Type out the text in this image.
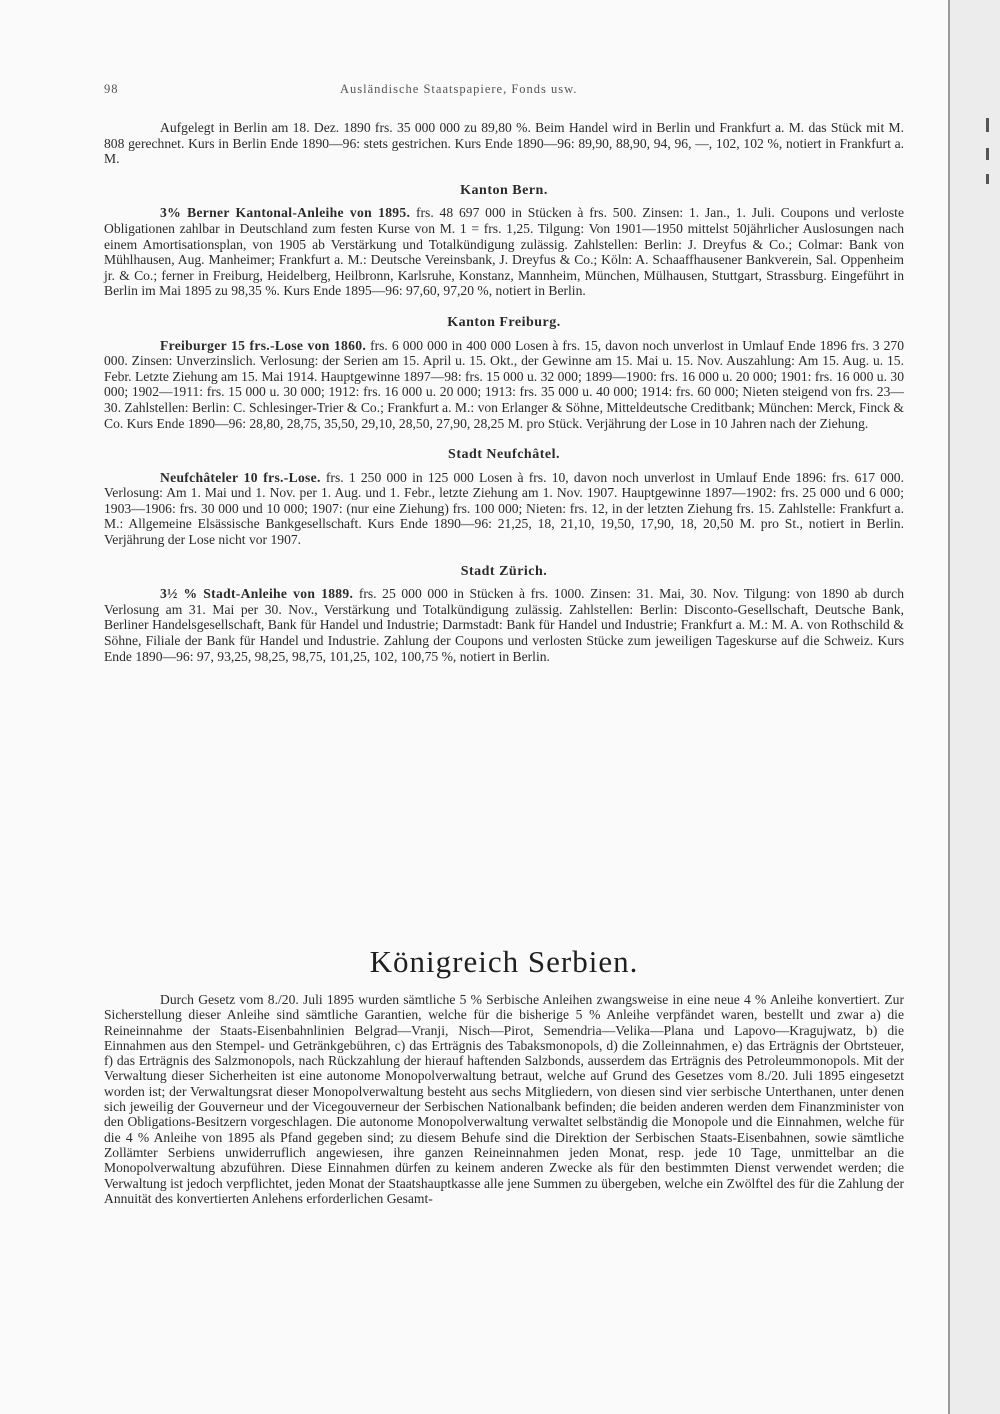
98	Ausländische Staatspapiere, Fonds usw.

Aufgelegt in Berlin am 18. Dez. 1890 frs. 35 000 000 zu 89,80 %. Beim Handel wird in Berlin und Frankfurt a. M. das Stück mit M. 808 gerechnet. Kurs in Berlin Ende 1890—96: stets gestrichen. Kurs Ende 1890—96: 89,90, 88,90, 94, 96, —, 102, 102 %, notiert in Frankfurt a. M.

Kanton Bern.

3% Berner Kantonal-Anleihe von 1895. frs. 48 697 000 in Stücken à frs. 500. Zinsen: 1. Jan., 1. Juli. Coupons und verloste Obligationen zahlbar in Deutschland zum festen Kurse von M. 1 = frs. 1,25. Tilgung: Von 1901—1950 mittelst 50jährlicher Auslosungen nach einem Amortisationsplan, von 1905 ab Verstärkung und Totalkündigung zulässig. Zahlstellen: Berlin: J. Dreyfus & Co.; Colmar: Bank von Mühlhausen, Aug. Manheimer; Frankfurt a. M.: Deutsche Vereinsbank, J. Dreyfus & Co.; Köln: A. Schaaffhausener Bankverein, Sal. Oppenheim jr. & Co.; ferner in Freiburg, Heidelberg, Heilbronn, Karlsruhe, Konstanz, Mannheim, München, Mülhausen, Stuttgart, Strassburg. Eingeführt in Berlin im Mai 1895 zu 98,35 %. Kurs Ende 1895—96: 97,60, 97,20 %, notiert in Berlin.

Kanton Freiburg.

Freiburger 15 frs.-Lose von 1860. frs. 6 000 000 in 400 000 Losen à frs. 15, davon noch unverlost in Umlauf Ende 1896 frs. 3 270 000. Zinsen: Unverzinslich. Verlosung: der Serien am 15. April u. 15. Okt., der Gewinne am 15. Mai u. 15. Nov. Auszahlung: Am 15. Aug. u. 15. Febr. Letzte Ziehung am 15. Mai 1914. Hauptgewinne 1897—98: frs. 15 000 u. 32 000; 1899—1900: frs. 16 000 u. 20 000; 1901: frs. 16 000 u. 30 000; 1902—1911: frs. 15 000 u. 30 000; 1912: frs. 16 000 u. 20 000; 1913: frs. 35 000 u. 40 000; 1914: frs. 60 000; Nieten steigend von frs. 23—30. Zahlstellen: Berlin: C. Schlesinger-Trier & Co.; Frankfurt a. M.: von Erlanger & Söhne, Mitteldeutsche Creditbank; München: Merck, Finck & Co. Kurs Ende 1890—96: 28,80, 28,75, 35,50, 29,10, 28,50, 27,90, 28,25 M. pro Stück. Verjährung der Lose in 10 Jahren nach der Ziehung.

Stadt Neufchâtel.

Neufchâteler 10 frs.-Lose. frs. 1 250 000 in 125 000 Losen à frs. 10, davon noch unverlost in Umlauf Ende 1896: frs. 617 000. Verlosung: Am 1. Mai und 1. Nov. per 1. Aug. und 1. Febr., letzte Ziehung am 1. Nov. 1907. Hauptgewinne 1897—1902: frs. 25 000 und 6 000; 1903—1906: frs. 30 000 und 10 000; 1907: (nur eine Ziehung) frs. 100 000; Nieten: frs. 12, in der letzten Ziehung frs. 15. Zahlstelle: Frankfurt a. M.: Allgemeine Elsässische Bankgesellschaft. Kurs Ende 1890—96: 21,25, 18, 21,10, 19,50, 17,90, 18, 20,50 M. pro St., notiert in Berlin. Verjährung der Lose nicht vor 1907.

Stadt Zürich.

3½ % Stadt-Anleihe von 1889. frs. 25 000 000 in Stücken à frs. 1000. Zinsen: 31. Mai, 30. Nov. Tilgung: von 1890 ab durch Verlosung am 31. Mai per 30. Nov., Verstärkung und Totalkündigung zulässig. Zahlstellen: Berlin: Disconto-Gesellschaft, Deutsche Bank, Berliner Handelsgesellschaft, Bank für Handel und Industrie; Darmstadt: Bank für Handel und Industrie; Frankfurt a. M.: M. A. von Rothschild & Söhne, Filiale der Bank für Handel und Industrie. Zahlung der Coupons und verlosten Stücke zum jeweiligen Tageskurse auf die Schweiz. Kurs Ende 1890—96: 97, 93,25, 98,25, 98,75, 101,25, 102, 100,75 %, notiert in Berlin.

Königreich Serbien.

Durch Gesetz vom 8./20. Juli 1895 wurden sämtliche 5 % Serbische Anleihen zwangsweise in eine neue 4 % Anleihe konvertiert. Zur Sicherstellung dieser Anleihe sind sämtliche Garantien, welche für die bisherige 5 % Anleihe verpfändet waren, bestellt und zwar a) die Reineinnahme der Staats-Eisenbahnlinien Belgrad—Vranji, Nisch—Pirot, Semendria—Velika—Plana und Lapovo—Kragujwatz, b) die Einnahmen aus den Stempel- und Getränkgebühren, c) das Erträgnis des Tabaksmonopols, d) die Zolleinnahmen, e) das Erträgnis der Obrtsteuer, f) das Erträgnis des Salzmonopols, nach Rückzahlung der hierauf haftenden Salzbonds, ausserdem das Erträgnis des Petroleummonopols. Mit der Verwaltung dieser Sicherheiten ist eine autonome Monopolverwaltung betraut, welche auf Grund des Gesetzes vom 8./20. Juli 1895 eingesetzt worden ist; der Verwaltungsrat dieser Monopolverwaltung besteht aus sechs Mitgliedern, von diesen sind vier serbische Unterthanen, unter denen sich jeweilig der Gouverneur und der Vicegouverneur der Serbischen Nationalbank befinden; die beiden anderen werden dem Finanzminister von den Obligations-Besitzern vorgeschlagen. Die autonome Monopolverwaltung verwaltet selbständig die Monopole und die Einnahmen, welche für die 4 % Anleihe von 1895 als Pfand gegeben sind; zu diesem Behufe sind die Direktion der Serbischen Staats-Eisenbahnen, sowie sämtliche Zollämter Serbiens unwiderruflich angewiesen, ihre ganzen Reineinnahmen jeden Monat, resp. jede 10 Tage, unmittelbar an die Monopolverwaltung abzuführen. Diese Einnahmen dürfen zu keinem anderen Zwecke als für den bestimmten Dienst verwendet werden; die Verwaltung ist jedoch verpflichtet, jeden Monat der Staatshauptkasse alle jene Summen zu übergeben, welche ein Zwölftel des für die Zahlung der Annuität des konvertierten Anlehens erforderlichen Gesamt-
